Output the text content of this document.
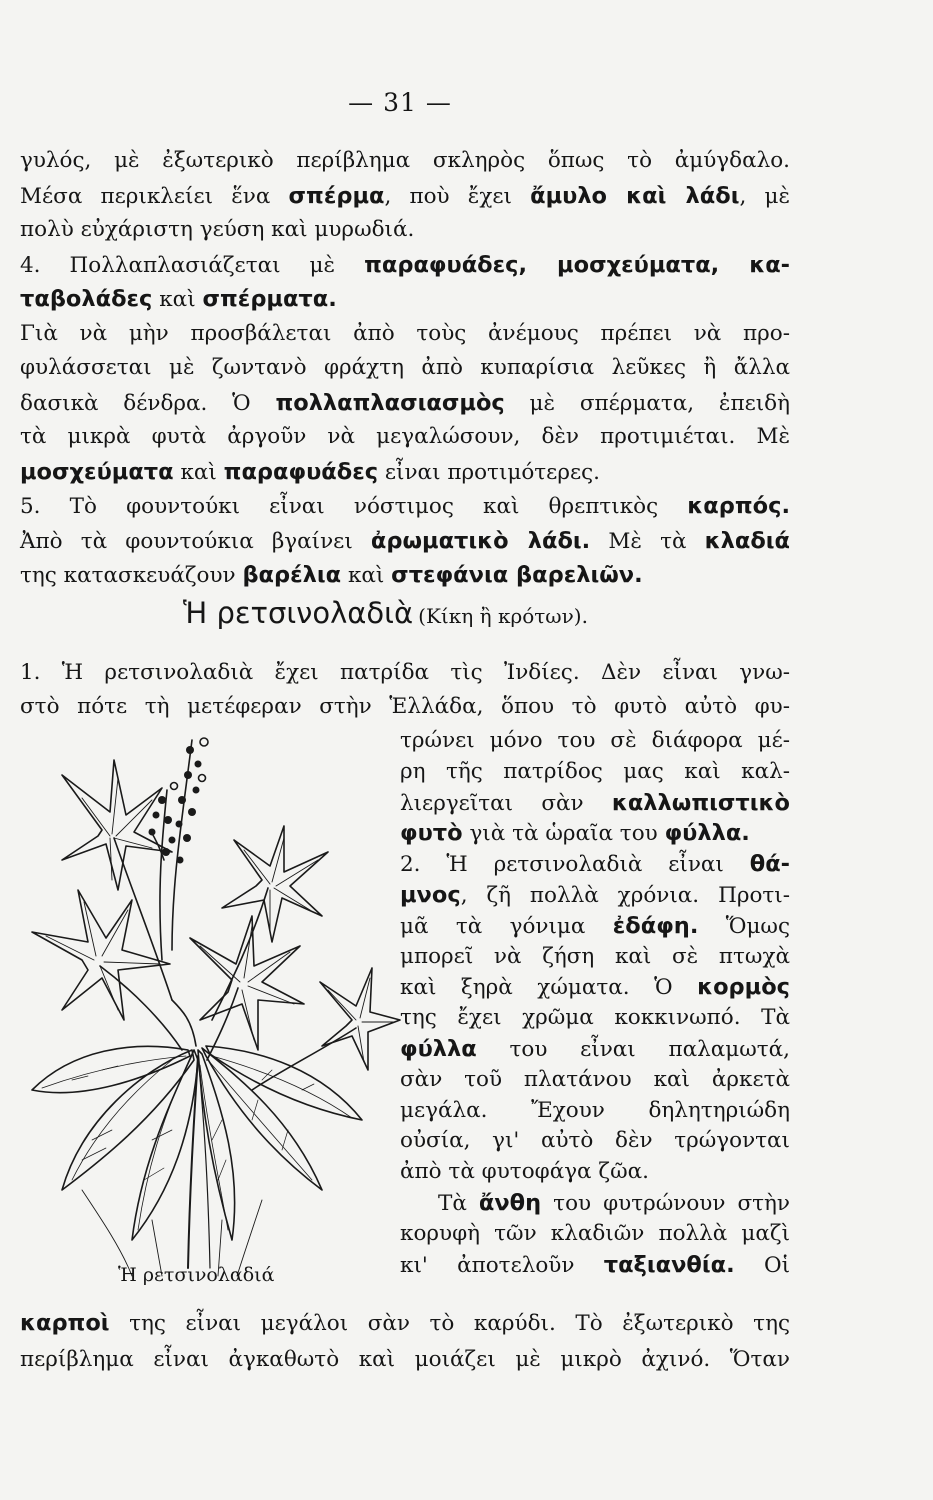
— 31 —
γυλός, μὲ ἐξωτερικὸ περίβλημα σκληρὸς ὅπως τὸ ἀμύγδαλο.
Μέσα περικλείει ἕνα σπέρμα, ποὺ ἔχει ἄμυλο καὶ λάδι, μὲ
πολὺ εὐχάριστη γεύση καὶ μυρωδιά.
4. Πολλαπλασιάζεται μὲ παραφυάδες, μοσχεύματα, κα-
ταβολάδες καὶ σπέρματα.
Γιὰ νὰ μὴν προσβάλεται ἀπὸ τοὺς ἀνέμους πρέπει νὰ προ-
φυλάσσεται μὲ ζωντανὸ φράχτη ἀπὸ κυπαρίσια λεῦκες ἢ ἄλλα
δασικὰ δένδρα. Ὁ πολλαπλασιασμὸς μὲ σπέρματα, ἐπειδὴ
τὰ μικρὰ φυτὰ ἀργοῦν νὰ μεγαλώσουν, δὲν προτιμιέται. Μὲ
μοσχεύματα καὶ παραφυάδες εἶναι προτιμότερες.
5. Τὸ φουντούκι εἶναι νόστιμος καὶ θρεπτικὸς καρπός.
Ἀπὸ τὰ φουντούκια βγαίνει ἀρωματικὸ λάδι. Μὲ τὰ κλαδιά
της κατασκευάζουν βαρέλια καὶ στεφάνια βαρελιῶν.
Ἡ ρετσινολαδιὰ (Κίκη ἢ κρότων).
1. Ἡ ρετσινολαδιὰ ἔχει πατρίδα τὶς Ἰνδίες. Δὲν εἶναι γνω-
στὸ πότε τὴ μετέφεραν στὴν Ἑλλάδα, ὅπου τὸ φυτὸ αὐτὸ φυ-
τρώνει μόνο του σὲ διάφορα μέ-
ρη τῆς πατρίδος μας καὶ καλ-
λιεργεῖται σὰν καλλωπιστικὸ
φυτὸ γιὰ τὰ ὡραῖα του φύλλα.
2. Ἡ ρετσινολαδιὰ εἶναι θά-
μνος, ζῆ πολλὰ χρόνια. Προτι-
μᾶ τὰ γόνιμα ἐδάφη. Ὅμως
μπορεῖ νὰ ζήση καὶ σὲ πτωχὰ
καὶ ξηρὰ χώματα. Ὁ κορμὸς
της ἔχει χρῶμα κοκκινωπό. Τὰ
φύλλα του εἶναι παλαμωτά,
σὰν τοῦ πλατάνου καὶ ἀρκετὰ
μεγάλα. Ἔχουν δηλητηριώδη
οὐσία, γι' αὐτὸ δὲν τρώγονται
ἀπὸ τὰ φυτοφάγα ζῶα.
Τὰ ἄνθη του φυτρώνουν στὴν
κορυφὴ τῶν κλαδιῶν πολλὰ μαζὶ
κι' ἀποτελοῦν ταξιανθία. Οἱ
καρποὶ της εἶναι μεγάλοι σὰν τὸ καρύδι. Τὸ ἐξωτερικὸ της
περίβλημα εἶναι ἀγκαθωτὸ καὶ μοιάζει μὲ μικρὸ ἀχινό. Ὅταν
Ἡ ρετσινολαδιά
